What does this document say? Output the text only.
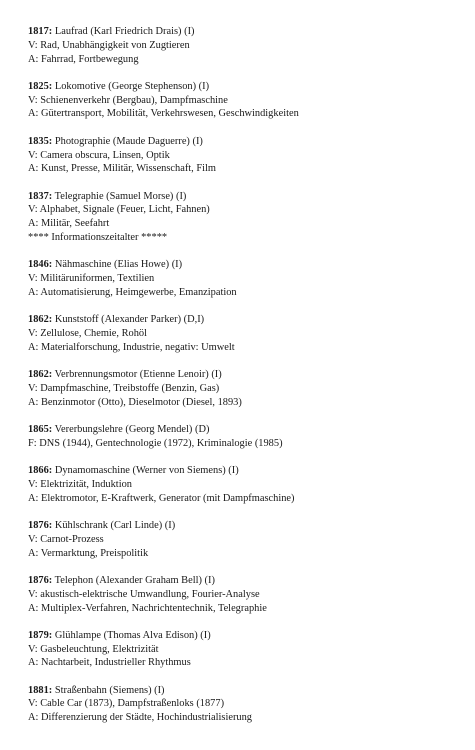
1817: Laufrad (Karl Friedrich Drais) (I)
V: Rad, Unabhängigkeit von Zugtieren
A: Fahrrad, Fortbewegung
1825: Lokomotive (George Stephenson) (I)
V: Schienenverkehr (Bergbau), Dampfmaschine
A: Gütertransport, Mobilität, Verkehrswesen, Geschwindigkeiten
1835: Photographie (Maude Daguerre) (I)
V: Camera obscura, Linsen, Optik
A: Kunst, Presse, Militär, Wissenschaft, Film
1837: Telegraphie (Samuel Morse) (I)
V: Alphabet, Signale (Feuer, Licht, Fahnen)
A: Militär, Seefahrt
**** Informationszeitalter *****
1846: Nähmaschine (Elias Howe) (I)
V: Militäruniformen, Textilien
A: Automatisierung, Heimgewerbe, Emanzipation
1862: Kunststoff (Alexander Parker) (D,I)
V: Zellulose, Chemie, Rohöl
A: Materialforschung, Industrie, negativ: Umwelt
1862: Verbrennungsmotor (Etienne Lenoir) (I)
V: Dampfmaschine, Treibstoffe (Benzin, Gas)
A: Benzinmotor (Otto), Dieselmotor (Diesel, 1893)
1865: Vererbungslehre (Georg Mendel) (D)
F: DNS (1944), Gentechnologie (1972), Kriminalogie (1985)
1866: Dynamomaschine (Werner von Siemens) (I)
V: Elektrizität, Induktion
A: Elektromotor, E-Kraftwerk, Generator (mit Dampfmaschine)
1876: Kühlschrank (Carl Linde) (I)
V: Carnot-Prozess
A: Vermarktung, Preispolitik
1876: Telephon (Alexander Graham Bell) (I)
V: akustisch-elektrische Umwandlung, Fourier-Analyse
A: Multiplex-Verfahren, Nachrichtentechnik, Telegraphie
1879: Glühlampe (Thomas Alva Edison) (I)
V: Gasbeleuchtung, Elektrizität
A: Nachtarbeit, Industrieller Rhythmus
1881: Straßenbahn (Siemens) (I)
V: Cable Car (1873), Dampfstraßenloks (1877)
A: Differenzierung der Städte, Hochindustrialisierung
